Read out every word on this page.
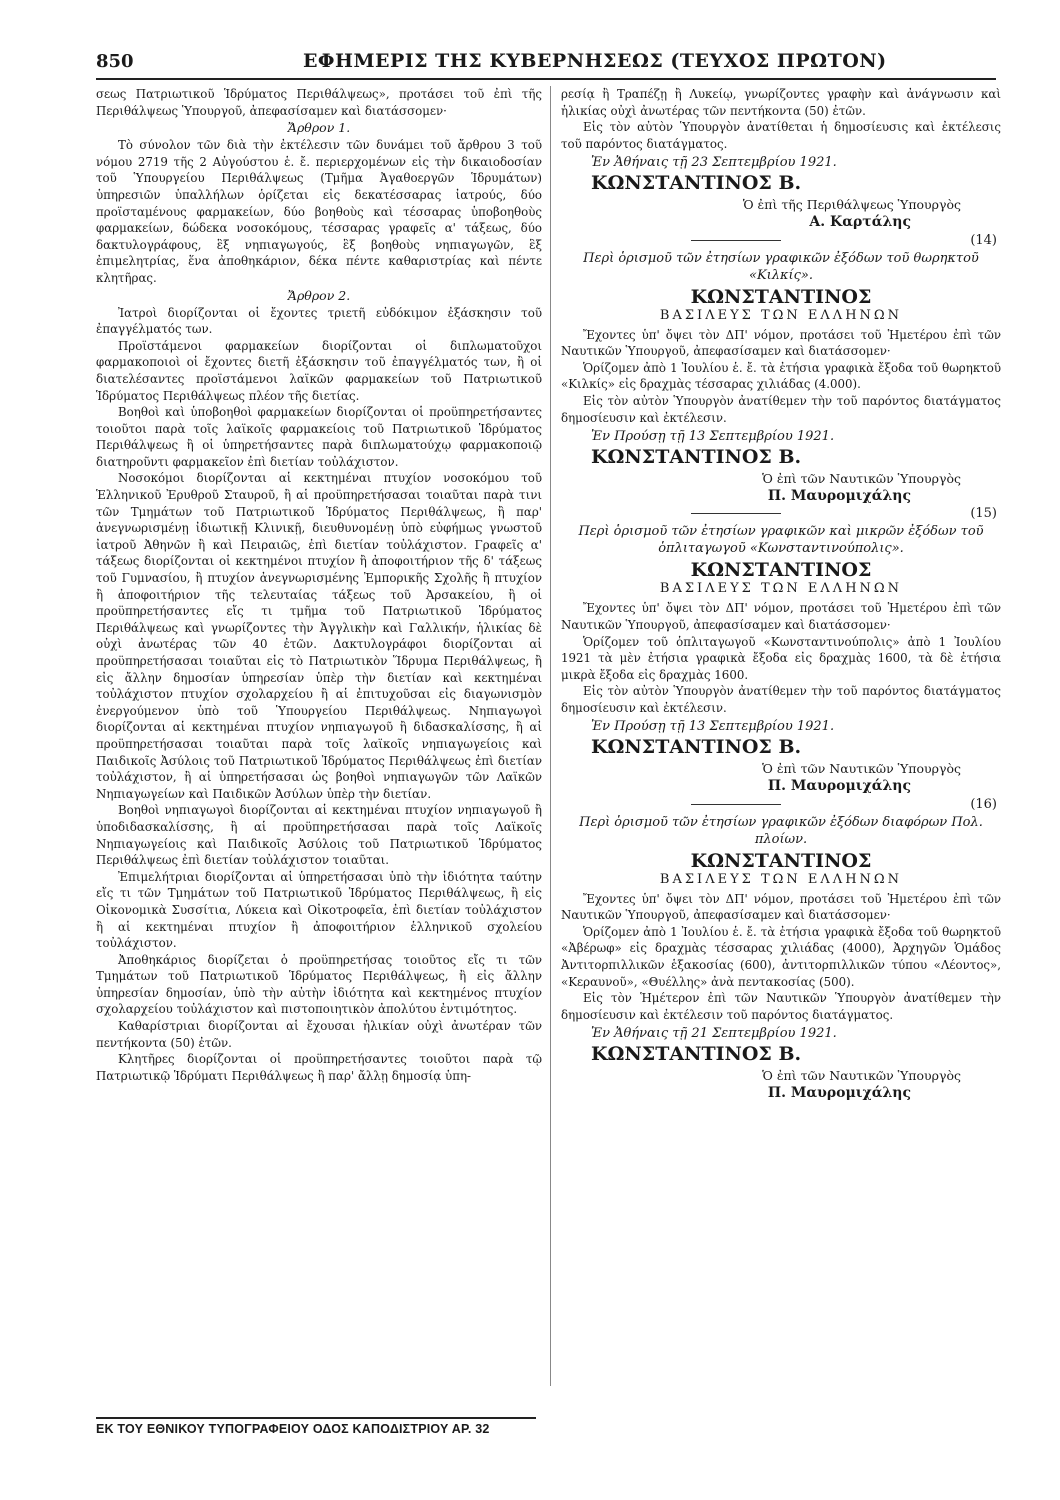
850	ΕΦΗΜΕΡΙΣ ΤΗΣ ΚΥΒΕΡΝΗΣΕΩΣ (ΤΕΥΧΟΣ ΠΡΩΤΟΝ)

σεως Πατριωτικοῦ Ἱδρύματος Περιθάλψεως», προτάσει τοῦ ἐπὶ τῆς Περιθάλψεως Ὑπουργοῦ, ἀπεφασίσαμεν καὶ διατάσσομεν·

Ἄρθρον 1.

Τὸ σύνολον τῶν διὰ τὴν ἐκτέλεσιν τῶν δυνάμει τοῦ ἄρθρου 3 τοῦ νόμου 2719 τῆς 2 Αὐγούστου ἑ. ἔ. περιερχομένων εἰς τὴν δικαιοδοσίαν τοῦ Ὑπουργείου Περιθάλψεως (Τμῆμα Ἀγαθοεργῶν Ἱδρυμάτων) ὑπηρεσιῶν ὑπαλλήλων ὁρίζεται εἰς δεκατέσσαρας ἰατρούς, δύο προϊσταμένους φαρμακείων, δύο βοηθοὺς καὶ τέσσαρας ὑποβοηθοὺς φαρμακείων, δώδεκα νοσοκόμους, τέσσαρας γραφεῖς α' τάξεως, δύο δακτυλογράφους, ἓξ νηπιαγωγούς, ἓξ βοηθοὺς νηπιαγωγῶν, ἓξ ἐπιμελητρίας, ἕνα ἀποθηκάριον, δέκα πέντε καθαριστρίας καὶ πέντε κλητῆρας.

Ἄρθρον 2.

Ἰατροὶ διορίζονται οἱ ἔχοντες τριετῆ εὐδόκιμον ἐξάσκησιν τοῦ ἐπαγγέλματός των.

Προϊστάμενοι φαρμακείων διορίζονται οἱ διπλωματοῦχοι φαρμακοποιοὶ οἱ ἔχοντες διετῆ ἐξάσκησιν τοῦ ἐπαγγέλματός των, ἢ οἱ διατελέσαντες προϊστάμενοι λαϊκῶν φαρμακείων τοῦ Πατριωτικοῦ Ἱδρύματος Περιθάλψεως πλέον τῆς διετίας.

Βοηθοὶ καὶ ὑποβοηθοὶ φαρμακείων διορίζονται οἱ προϋπηρετήσαντες τοιοῦτοι παρὰ τοῖς λαϊκοῖς φαρμακείοις τοῦ Πατριωτικοῦ Ἱδρύματος Περιθάλψεως ἢ οἱ ὑπηρετήσαντες παρὰ διπλωματούχῳ φαρμακοποιῷ διατηροῦντι φαρμακεῖον ἐπὶ διετίαν τοὐλάχιστον.

Νοσοκόμοι διορίζονται αἱ κεκτημέναι πτυχίον νοσοκόμου τοῦ Ἑλληνικοῦ Ἐρυθροῦ Σταυροῦ, ἢ αἱ προϋπηρετήσασαι τοιαῦται παρὰ τινι τῶν Τμημάτων τοῦ Πατριωτικοῦ Ἱδρύματος Περιθάλψεως, ἢ παρ' ἀνεγνωρισμένῃ ἰδιωτικῇ Κλινικῇ, διευθυνομένῃ ὑπὸ εὐφήμως γνωστοῦ ἰατροῦ Ἀθηνῶν ἢ καὶ Πειραιῶς, ἐπὶ διετίαν τοὐλάχιστον. Γραφεῖς α' τάξεως διορίζονται οἱ κεκτημένοι πτυχίον ἢ ἀποφοιτήριον τῆς δ' τάξεως τοῦ Γυμνασίου, ἢ πτυχίον ἀνεγνωρισμένης Ἐμπορικῆς Σχολῆς ἢ πτυχίον ἢ ἀποφοιτήριον τῆς τελευταίας τάξεως τοῦ Ἀρσακείου, ἢ οἱ προϋπηρετήσαντες εἴς τι τμῆμα τοῦ Πατριωτικοῦ Ἱδρύματος Περιθάλψεως καὶ γνωρίζοντες τὴν Ἀγγλικὴν καὶ Γαλλικήν, ἡλικίας δὲ οὐχὶ ἀνωτέρας τῶν 40 ἐτῶν. Δακτυλογράφοι διορίζονται αἱ προϋπηρετήσασαι τοιαῦται εἰς τὸ Πατριωτικὸν Ἵδρυμα Περιθάλψεως, ἢ εἰς ἄλλην δημοσίαν ὑπηρεσίαν ὑπὲρ τὴν διετίαν καὶ κεκτημέναι τοὐλάχιστον πτυχίον σχολαρχείου ἢ αἱ ἐπιτυχοῦσαι εἰς διαγωνισμὸν ἐνεργούμενον ὑπὸ τοῦ Ὑπουργείου Περιθάλψεως. Νηπιαγωγοὶ διορίζονται αἱ κεκτημέναι πτυχίον νηπιαγωγοῦ ἢ διδασκαλίσσης, ἢ αἱ προϋπηρετήσασαι τοιαῦται παρὰ τοῖς λαϊκοῖς νηπιαγωγείοις καὶ Παιδικοῖς Ἀσύλοις τοῦ Πατριωτικοῦ Ἱδρύματος Περιθάλψεως ἐπὶ διετίαν τοὐλάχιστον, ἢ αἱ ὑπηρετήσασαι ὡς βοηθοὶ νηπιαγωγῶν τῶν Λαϊκῶν Νηπιαγωγείων καὶ Παιδικῶν Ἀσύλων ὑπὲρ τὴν διετίαν.

Βοηθοὶ νηπιαγωγοὶ διορίζονται αἱ κεκτημέναι πτυχίον νηπιαγωγοῦ ἢ ὑποδιδασκαλίσσης, ἢ αἱ προϋπηρετήσασαι παρὰ τοῖς Λαϊκοῖς Νηπιαγωγείοις καὶ Παιδικοῖς Ἀσύλοις τοῦ Πατριωτικοῦ Ἱδρύματος Περιθάλψεως ἐπὶ διετίαν τοὐλάχιστον τοιαῦται.

Ἐπιμελήτριαι διορίζονται αἱ ὑπηρετήσασαι ὑπὸ τὴν ἰδιότητα ταύτην εἴς τι τῶν Τμημάτων τοῦ Πατριωτικοῦ Ἱδρύματος Περιθάλψεως, ἢ εἰς Οἰκονομικὰ Συσσίτια, Λύκεια καὶ Οἰκοτροφεῖα, ἐπὶ διετίαν τοὐλάχιστον ἢ αἱ κεκτημέναι πτυχίον ἢ ἀποφοιτήριον ἑλληνικοῦ σχολείου τοὐλάχιστον.

Ἀποθηκάριος διορίζεται ὁ προϋπηρετήσας τοιοῦτος εἴς τι τῶν Τμημάτων τοῦ Πατριωτικοῦ Ἱδρύματος Περιθάλψεως, ἢ εἰς ἄλλην ὑπηρεσίαν δημοσίαν, ὑπὸ τὴν αὐτὴν ἰδιότητα καὶ κεκτημένος πτυχίον σχολαρχείου τοὐλάχιστον καὶ πιστοποιητικὸν ἀπολύτου ἐντιμότητος.

Καθαρίστριαι διορίζονται αἱ ἔχουσαι ἡλικίαν οὐχὶ ἀνωτέραν τῶν πεντήκοντα (50) ἐτῶν.

Κλητῆρες διορίζονται οἱ προϋπηρετήσαντες τοιοῦτοι παρὰ τῷ Πατριωτικῷ Ἱδρύματι Περιθάλψεως ἢ παρ' ἄλλῃ δημοσίᾳ ὑπη-

ρεσίᾳ ἢ Τραπέζῃ ἢ Λυκείῳ, γνωρίζοντες γραφὴν καὶ ἀνάγνωσιν καὶ ἡλικίας οὐχὶ ἀνωτέρας τῶν πεντήκοντα (50) ἐτῶν.

Εἰς τὸν αὐτὸν Ὑπουργὸν ἀνατίθεται ἡ δημοσίευσις καὶ ἐκτέλεσις τοῦ παρόντος διατάγματος.

Ἐν Ἀθήναις τῇ 23 Σεπτεμβρίου 1921.
ΚΩΝΣΤΑΝΤΙΝΟΣ Β.

Ὁ ἐπὶ τῆς Περιθάλψεως Ὑπουργὸς

Α. Καρτάλης

(14)
Περὶ ὁρισμοῦ τῶν ἐτησίων γραφικῶν ἐξόδων τοῦ θωρηκτοῦ «Κιλκίς».
ΚΩΝΣΤΑΝΤΙΝΟΣ
ΒΑΣΙΛΕΥΣ ΤΩΝ ΕΛΛΗΝΩΝ

Ἔχοντες ὑπ' ὄψει τὸν ΔΠ' νόμον, προτάσει τοῦ Ἡμετέρου ἐπὶ τῶν Ναυτικῶν Ὑπουργοῦ, ἀπεφασίσαμεν καὶ διατάσσομεν·

Ὁρίζομεν ἀπὸ 1 Ἰουλίου ἑ. ἔ. τὰ ἐτήσια γραφικὰ ἔξοδα τοῦ θωρηκτοῦ «Κιλκίς» εἰς δραχμὰς τέσσαρας χιλιάδας (4.000).

Εἰς τὸν αὐτὸν Ὑπουργὸν ἀνατίθεμεν τὴν τοῦ παρόντος διατάγματος δημοσίευσιν καὶ ἐκτέλεσιν.

Ἐν Προύσῃ τῇ 13 Σεπτεμβρίου 1921.
ΚΩΝΣΤΑΝΤΙΝΟΣ Β.

Ὁ ἐπὶ τῶν Ναυτικῶν Ὑπουργὸς

Π. Μαυρομιχάλης

(15)
Περὶ ὁρισμοῦ τῶν ἐτησίων γραφικῶν καὶ μικρῶν ἐξόδων τοῦ ὁπλιταγωγοῦ «Κωνσταντινούπολις».
ΚΩΝΣΤΑΝΤΙΝΟΣ
ΒΑΣΙΛΕΥΣ ΤΩΝ ΕΛΛΗΝΩΝ

Ἔχοντες ὑπ' ὄψει τὸν ΔΠ' νόμον, προτάσει τοῦ Ἡμετέρου ἐπὶ τῶν Ναυτικῶν Ὑπουργοῦ, ἀπεφασίσαμεν καὶ διατάσσομεν·

Ὁρίζομεν τοῦ ὁπλιταγωγοῦ «Κωνσταντινούπολις» ἀπὸ 1 Ἰουλίου 1921 τὰ μὲν ἐτήσια γραφικὰ ἔξοδα εἰς δραχμὰς 1600, τὰ δὲ ἐτήσια μικρὰ ἔξοδα εἰς δραχμὰς 1600.

Εἰς τὸν αὐτὸν Ὑπουργὸν ἀνατίθεμεν τὴν τοῦ παρόντος διατάγματος δημοσίευσιν καὶ ἐκτέλεσιν.

Ἐν Προύσῃ τῇ 13 Σεπτεμβρίου 1921.
ΚΩΝΣΤΑΝΤΙΝΟΣ Β.

Ὁ ἐπὶ τῶν Ναυτικῶν Ὑπουργὸς

Π. Μαυρομιχάλης

(16)
Περὶ ὁρισμοῦ τῶν ἐτησίων γραφικῶν ἐξόδων διαφόρων Πολ. πλοίων.
ΚΩΝΣΤΑΝΤΙΝΟΣ
ΒΑΣΙΛΕΥΣ ΤΩΝ ΕΛΛΗΝΩΝ

Ἔχοντες ὑπ' ὄψει τὸν ΔΠ' νόμον, προτάσει τοῦ Ἡμετέρου ἐπὶ τῶν Ναυτικῶν Ὑπουργοῦ, ἀπεφασίσαμεν καὶ διατάσσομεν·

Ὁρίζομεν ἀπὸ 1 Ἰουλίου ἑ. ἔ. τὰ ἐτήσια γραφικὰ ἔξοδα τοῦ θωρηκτοῦ «Ἀβέρωφ» εἰς δραχμὰς τέσσαρας χιλιάδας (4000), Ἀρχηγῶν Ὁμάδος Ἀντιτορπιλλικῶν ἑξακοσίας (600), ἀντιτορπιλλικῶν τύπου «Λέοντος», «Κεραυνοῦ», «Θυέλλης» ἀνὰ πεντακοσίας (500).

Εἰς τὸν Ἡμέτερον ἐπὶ τῶν Ναυτικῶν Ὑπουργὸν ἀνατίθεμεν τὴν δημοσίευσιν καὶ ἐκτέλεσιν τοῦ παρόντος διατάγματος.

Ἐν Ἀθήναις τῇ 21 Σεπτεμβρίου 1921.
ΚΩΝΣΤΑΝΤΙΝΟΣ Β.

Ὁ ἐπὶ τῶν Ναυτικῶν Ὑπουργὸς

Π. Μαυρομιχάλης

ΕΚ ΤΟΥ ΕΘΝΙΚΟΥ ΤΥΠΟΓΡΑΦΕΙΟΥ ΟΔΟΣ ΚΑΠΟΔΙΣΤΡΙΟΥ ΑΡ. 32
